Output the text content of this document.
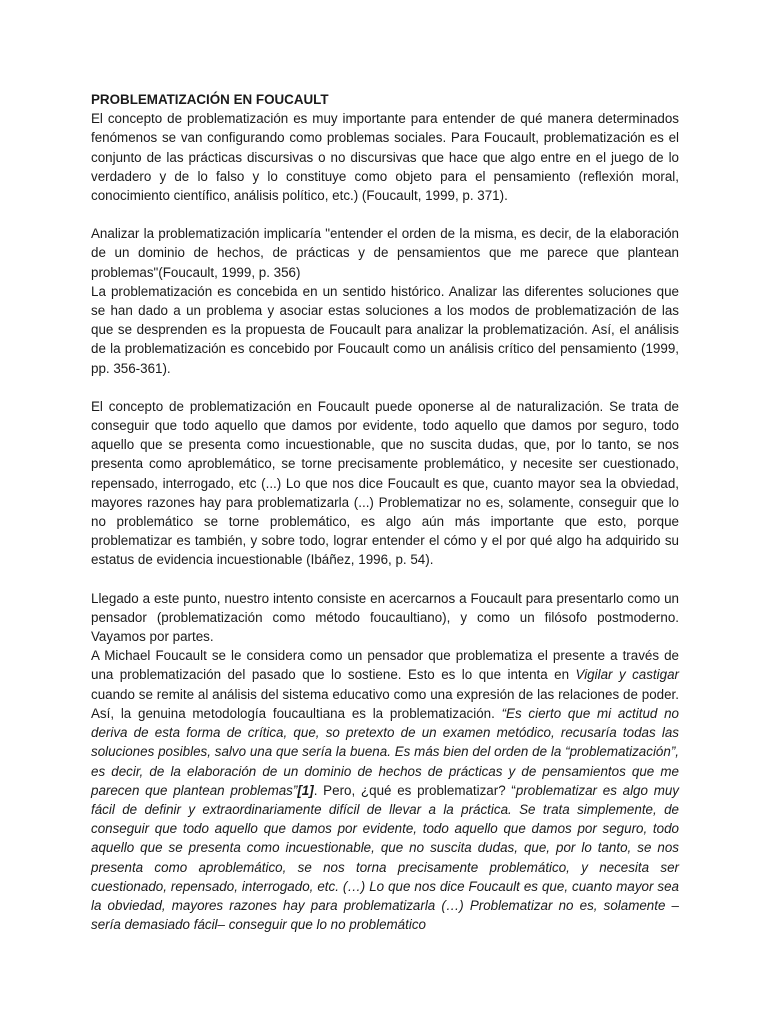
PROBLEMATIZACIÓN EN FOUCAULT

El concepto de problematización es muy importante para entender de qué manera determinados fenómenos se van configurando como problemas sociales. Para Foucault, problematización es el conjunto de las prácticas discursivas o no discursivas que hace que algo entre en el juego de lo verdadero y de lo falso y lo constituye como objeto para el pensamiento (reflexión moral, conocimiento científico, análisis político, etc.) (Foucault, 1999, p. 371).

Analizar la problematización implicaría "entender el orden de la misma, es decir, de la elaboración de un dominio de hechos, de prácticas y de pensamientos que me parece que plantean problemas"(Foucault, 1999, p. 356)

La problematización es concebida en un sentido histórico. Analizar las diferentes soluciones que se han dado a un problema y asociar estas soluciones a los modos de problematización de las que se desprenden es la propuesta de Foucault para analizar la problematización. Así, el análisis de la problematización es concebido por Foucault como un análisis crítico del pensamiento (1999, pp. 356-361).

El concepto de problematización en Foucault puede oponerse al de naturalización. Se trata de conseguir que todo aquello que damos por evidente, todo aquello que damos por seguro, todo aquello que se presenta como incuestionable, que no suscita dudas, que, por lo tanto, se nos presenta como aproblemático, se torne precisamente problemático, y necesite ser cuestionado, repensado, interrogado, etc (...) Lo que nos dice Foucault es que, cuanto mayor sea la obviedad, mayores razones hay para problematizarla (...) Problematizar no es, solamente, conseguir que lo no problemático se torne problemático, es algo aún más importante que esto, porque problematizar es también, y sobre todo, lograr entender el cómo y el por qué algo ha adquirido su estatus de evidencia incuestionable (Ibáñez, 1996, p. 54).

Llegado a este punto, nuestro intento consiste en acercarnos a Foucault para presentarlo como un pensador (problematización como método foucaultiano), y como un filósofo postmoderno. Vayamos por partes.

A Michael Foucault se le considera como un pensador que problematiza el presente a través de una problematización del pasado que lo sostiene. Esto es lo que intenta en Vigilar y castigar cuando se remite al análisis del sistema educativo como una expresión de las relaciones de poder. Así, la genuina metodología foucaultiana es la problematización. “Es cierto que mi actitud no deriva de esta forma de crítica, que, so pretexto de un examen metódico, recusaría todas las soluciones posibles, salvo una que sería la buena. Es más bien del orden de la “problematización”, es decir, de la elaboración de un dominio de hechos de prácticas y de pensamientos que me parecen que plantean problemas”[1]. Pero, ¿qué es problematizar? “problematizar es algo muy fácil de definir y extraordinariamente difícil de llevar a la práctica. Se trata simplemente, de conseguir que todo aquello que damos por evidente, todo aquello que damos por seguro, todo aquello que se presenta como incuestionable, que no suscita dudas, que, por lo tanto, se nos presenta como aproblemático, se nos torna precisamente problemático, y necesita ser cuestionado, repensado, interrogado, etc. (…) Lo que nos dice Foucault es que, cuanto mayor sea la obviedad, mayores razones hay para problematizarla (…) Problematizar no es, solamente –sería demasiado fácil– conseguir que lo no problemático
